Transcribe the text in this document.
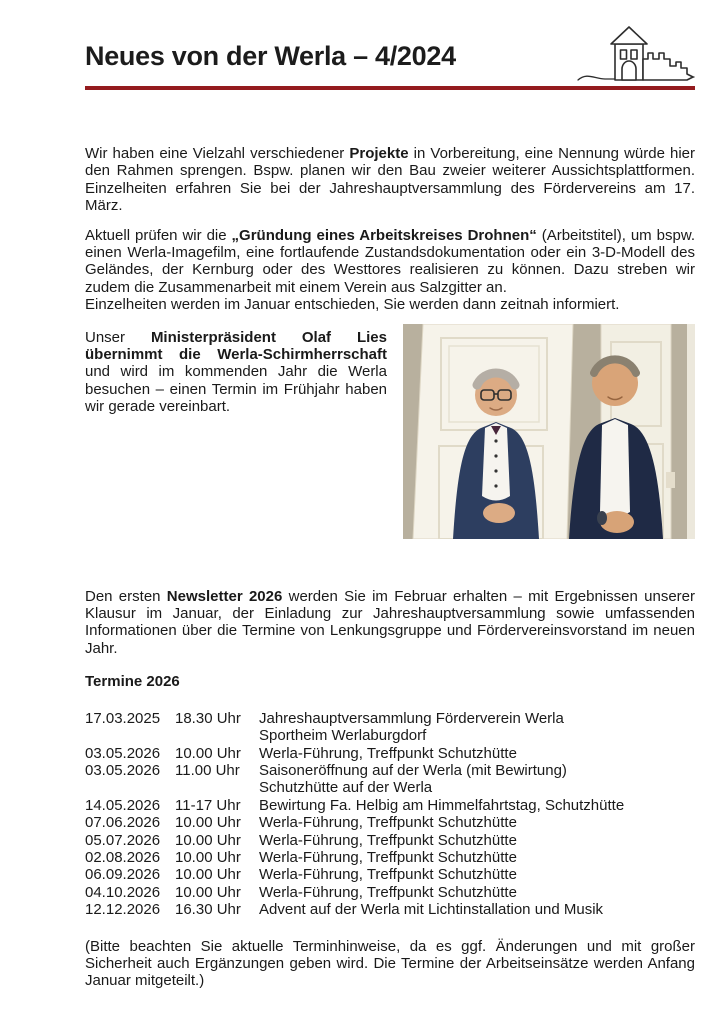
Neues von der Werla – 4/2024

Wir haben eine Vielzahl verschiedener Projekte in Vorbereitung, eine Nennung würde hier den Rahmen sprengen. Bspw. planen wir den Bau zweier weiterer Aussichtsplattformen. Einzelheiten erfahren Sie bei der Jahreshauptversammlung des Fördervereins am 17. März.

Aktuell prüfen wir die „Gründung eines Arbeitskreises Drohnen“ (Arbeitstitel), um bspw. einen Werla-Imagefilm, eine fortlaufende Zustandsdokumentation oder ein 3-D-Modell des Geländes, der Kernburg oder des Westtores realisieren zu können. Dazu streben wir zudem die Zusammenarbeit mit einem Verein aus Salzgitter an.
Einzelheiten werden im Januar entschieden, Sie werden dann zeitnah informiert.

Unser Ministerpräsident Olaf Lies übernimmt die Werla-Schirmherrschaft und wird im kommenden Jahr die Werla besuchen – einen Termin im Frühjahr haben wir gerade vereinbart.

Den ersten Newsletter 2026 werden Sie im Februar erhalten – mit Ergebnissen unserer Klausur im Januar, der Einladung zur Jahreshauptversammlung sowie umfassenden Informationen über die Termine von Lenkungsgruppe und Fördervereinsvorstand im neuen Jahr.

Termine 2026
17.03.2025 18.30 Uhr	Jahreshauptversammlung Förderverein Werla
Sportheim Werlaburgdorf
03.05.2026 10.00 Uhr	Werla-Führung, Treffpunkt Schutzhütte
03.05.2026 11.00 Uhr	Saisoneröffnung auf der Werla (mit Bewirtung)
Schutzhütte auf der Werla
14.05.2026 11-17 Uhr	Bewirtung Fa. Helbig am Himmelfahrtstag, Schutzhütte
07.06.2026 10.00 Uhr	Werla-Führung, Treffpunkt Schutzhütte
05.07.2026 10.00 Uhr	Werla-Führung, Treffpunkt Schutzhütte
02.08.2026 10.00 Uhr	Werla-Führung, Treffpunkt Schutzhütte
06.09.2026 10.00 Uhr	Werla-Führung, Treffpunkt Schutzhütte
04.10.2026 10.00 Uhr	Werla-Führung, Treffpunkt Schutzhütte
12.12.2026 16.30 Uhr	Advent auf der Werla mit Lichtinstallation und Musik

(Bitte beachten Sie aktuelle Terminhinweise, da es ggf. Änderungen und mit großer Sicherheit auch Ergänzungen geben wird. Die Termine der Arbeitseinsätze werden Anfang Januar mitgeteilt.)
